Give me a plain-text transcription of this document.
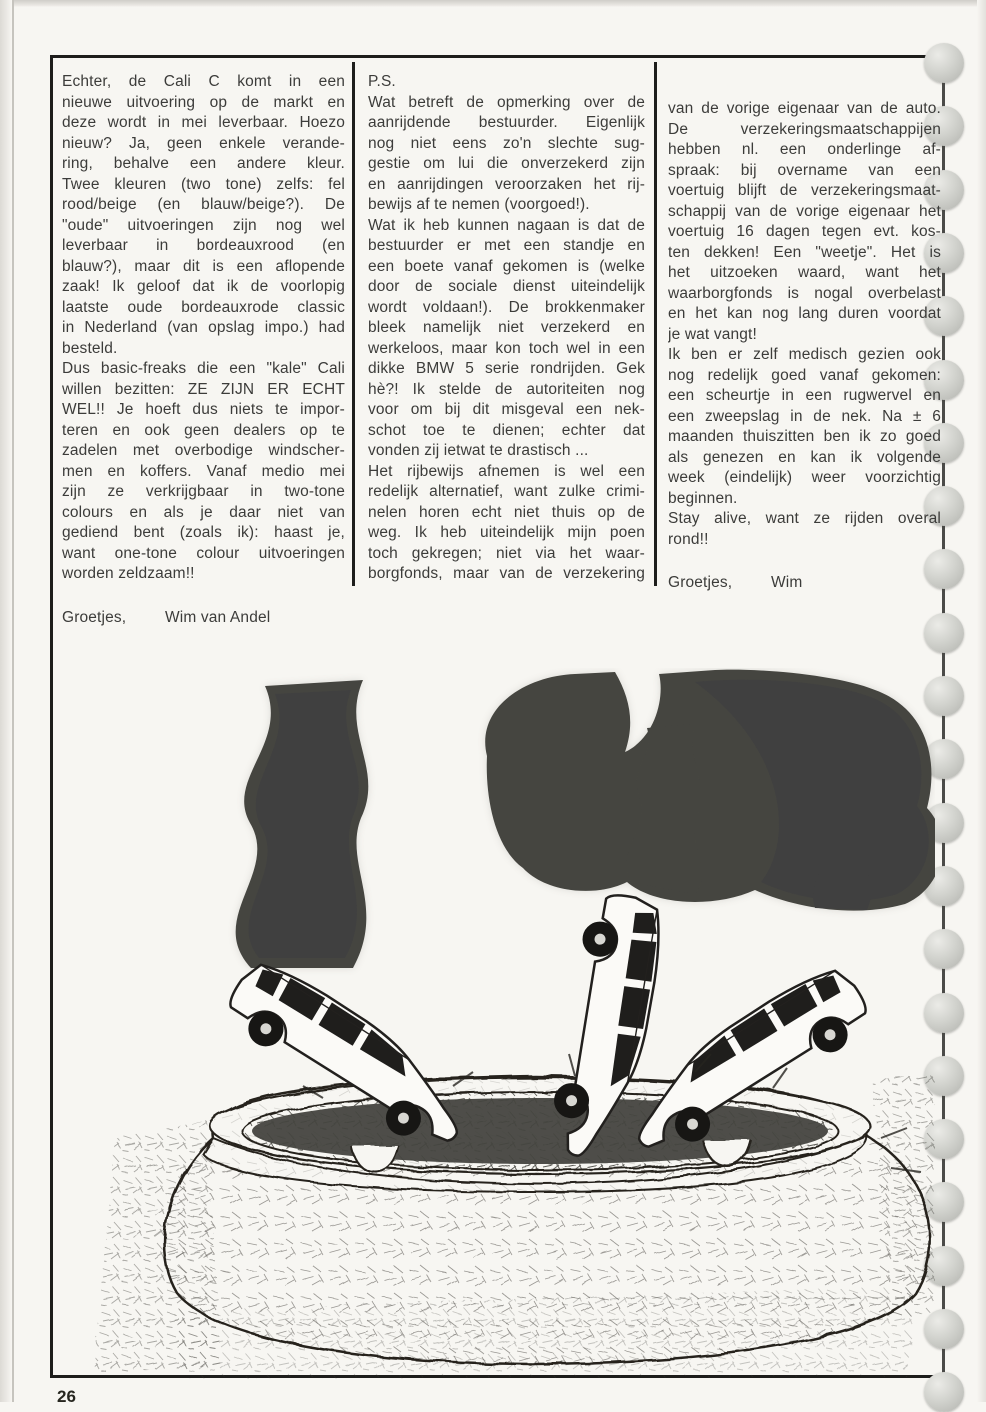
Echter, de Cali C komt in een
nieuwe uitvoering op de markt en
deze wordt in mei leverbaar. Hoezo
nieuw? Ja, geen enkele verande-
ring, behalve een andere kleur.
Twee kleuren (two tone) zelfs: fel
rood/beige (en blauw/beige?). De
"oude" uitvoeringen zijn nog wel
leverbaar in bordeauxrood (en
blauw?), maar dit is een aflopende
zaak! Ik geloof dat ik de voorlopig
laatste oude bordeauxrode classic
in Nederland (van opslag impo.) had
besteld.
Dus basic-freaks die een "kale" Cali
willen bezitten: ZE ZIJN ER ECHT
WEL!! Je hoeft dus niets te impor-
teren en ook geen dealers op te
zadelen met overbodige windscher-
men en koffers. Vanaf medio mei
zijn ze verkrijgbaar in two-tone
colours en als je daar niet van
gediend bent (zoals ik): haast je,
want one-tone colour uitvoeringen
worden zeldzaam!!
Groetjes,	Wim van Andel
P.S.
Wat betreft de opmerking over de
aanrijdende bestuurder. Eigenlijk
nog niet eens zo'n slechte sug-
gestie om lui die onverzekerd zijn
en aanrijdingen veroorzaken het rij-
bewijs af te nemen (voorgoed!).
Wat ik heb kunnen nagaan is dat de
bestuurder er met een standje en
een boete vanaf gekomen is (welke
door de sociale dienst uiteindelijk
wordt voldaan!). De brokkenmaker
bleek namelijk niet verzekerd en
werkeloos, maar kon toch wel in een
dikke BMW 5 serie rondrijden. Gek
hè?! Ik stelde de autoriteiten nog
voor om bij dit misgeval een nek-
schot toe te dienen; echter dat
vonden zij ietwat te drastisch ...
Het rijbewijs afnemen is wel een
redelijk alternatief, want zulke crimi-
nelen horen echt niet thuis op de
weg. Ik heb uiteindelijk mijn poen
toch gekregen; niet via het waar-
borgfonds, maar van de verzekering
van de vorige eigenaar van de auto.
De verzekeringsmaatschappijen
hebben nl. een onderlinge af-
spraak: bij overname van een
voertuig blijft de verzekeringsmaat-
schappij van de vorige eigenaar het
voertuig 16 dagen tegen evt. kos-
ten dekken! Een "weetje". Het is
het uitzoeken waard, want het
waarborgfonds is nogal overbelast
en het kan nog lang duren voordat
je wat vangt!
Ik ben er zelf medisch gezien ook
nog redelijk goed vanaf gekomen:
een scheurtje in een rugwervel en
een zweepslag in de nek. Na ± 6
maanden thuiszitten ben ik zo goed
als genezen en kan ik volgende
week (eindelijk) weer voorzichtig
beginnen.
Stay alive, want ze rijden overal
rond!!
Groetjes,	Wim
26
